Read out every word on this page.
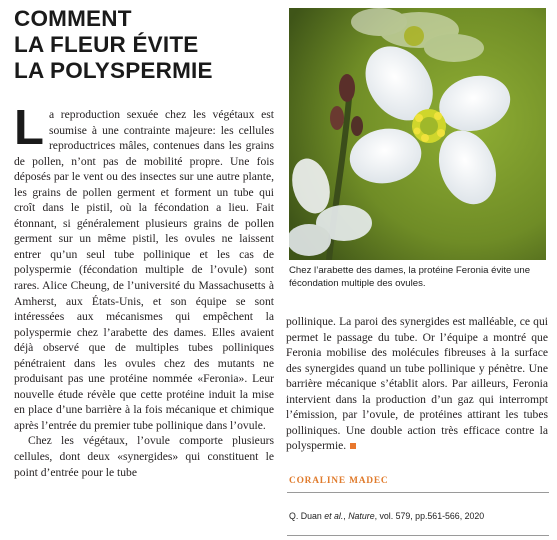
COMMENT
LA FLEUR ÉVITE
LA POLYSPERMIE
Chez l’arabette des dames, la protéine Feronia évite une fécondation multiple des ovules.

La reproduction sexuée chez les végétaux est soumise à une contrainte majeure: les cellules reproductrices mâles, contenues dans les grains de pollen, n’ont pas de mobilité propre. Une fois déposés par le vent ou des insectes sur une autre plante, les grains de pollen germent et forment un tube qui croît dans le pistil, où la fécondation a lieu. Fait étonnant, si généralement plusieurs grains de pollen germent sur un même pistil, les ovules ne laissent entrer qu’un seul tube pollinique et les cas de polyspermie (fécondation multiple de l’ovule) sont rares. Alice Cheung, de l’université du Massachusetts à Amherst, aux États-Unis, et son équipe se sont intéressées aux mécanismes qui empêchent la polyspermie chez l’arabette des dames. Elles avaient déjà observé que de multiples tubes polliniques pénétraient dans les ovules chez des mutants ne produisant pas une protéine nommée «Feronia». Leur nouvelle étude révèle que cette protéine induit la mise en place d’une barrière à la fois mécanique et chimique après l’entrée du premier tube pollinique dans l’ovule.

Chez les végétaux, l’ovule comporte plusieurs cellules, dont deux «synergides» qui constituent le point d’entrée pour le tube

pollinique. La paroi des synergides est malléable, ce qui permet le passage du tube. Or l’équipe a montré que Feronia mobilise des molécules fibreuses à la surface des synergides quand un tube pollinique y pénètre. Une barrière mécanique s’établit alors. Par ailleurs, Feronia intervient dans la production d’un gaz qui interrompt l’émission, par l’ovule, de protéines attirant les tubes polliniques. Une double action très efficace contre la polyspermie.

CORALINE MADEC
Q. Duan et al., Nature, vol. 579, pp.561-566, 2020
